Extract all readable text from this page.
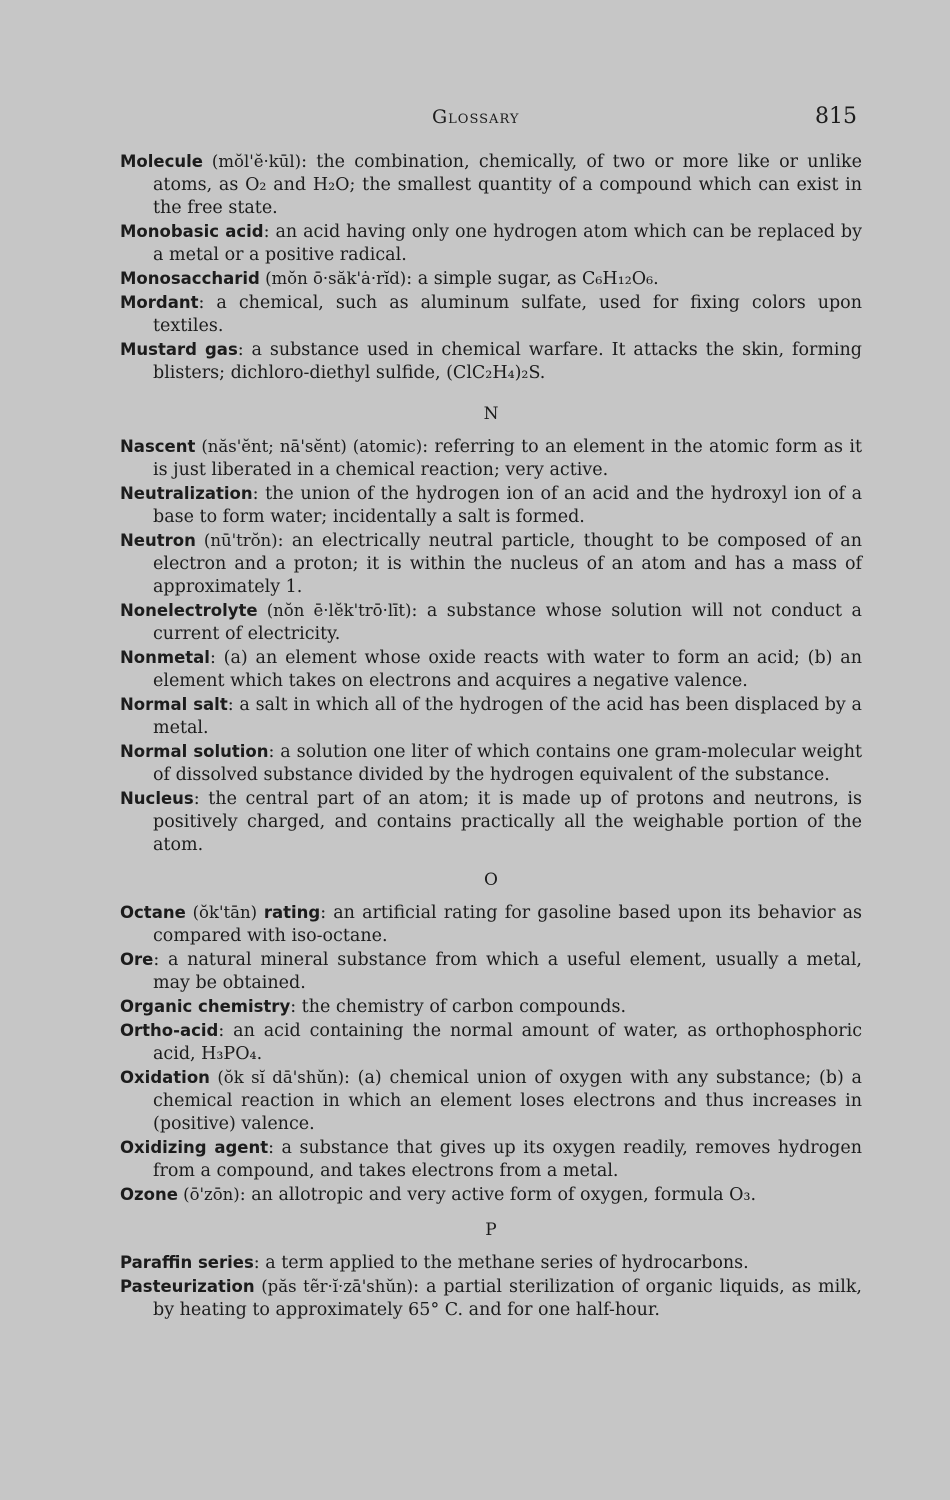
Glossary	815

Molecule (mŏl'ĕ·kūl): the combination, chemically, of two or more like or unlike atoms, as O₂ and H₂O; the smallest quantity of a compound which can exist in the free state.

Monobasic acid: an acid having only one hydrogen atom which can be replaced by a metal or a positive radical.

Monosaccharid (mŏn ō·săk'ȧ·rĭd): a simple sugar, as C₆H₁₂O₆.

Mordant: a chemical, such as aluminum sulfate, used for fixing colors upon textiles.

Mustard gas: a substance used in chemical warfare. It attacks the skin, forming blisters; dichloro-diethyl sulfide, (ClC₂H₄)₂S.

N

Nascent (năs'ĕnt; nā'sĕnt) (atomic): referring to an element in the atomic form as it is just liberated in a chemical reaction; very active.

Neutralization: the union of the hydrogen ion of an acid and the hydroxyl ion of a base to form water; incidentally a salt is formed.

Neutron (nū'trŏn): an electrically neutral particle, thought to be composed of an electron and a proton; it is within the nucleus of an atom and has a mass of approximately 1.

Nonelectrolyte (nŏn ē·lĕk'trō·līt): a substance whose solution will not conduct a current of electricity.

Nonmetal: (a) an element whose oxide reacts with water to form an acid; (b) an element which takes on electrons and acquires a negative valence.

Normal salt: a salt in which all of the hydrogen of the acid has been displaced by a metal.

Normal solution: a solution one liter of which contains one gram-molecular weight of dissolved substance divided by the hydrogen equivalent of the substance.

Nucleus: the central part of an atom; it is made up of protons and neutrons, is positively charged, and contains practically all the weighable portion of the atom.

O

Octane (ŏk'tān) rating: an artificial rating for gasoline based upon its behavior as compared with iso-octane.

Ore: a natural mineral substance from which a useful element, usually a metal, may be obtained.

Organic chemistry: the chemistry of carbon compounds.

Ortho-acid: an acid containing the normal amount of water, as orthophosphoric acid, H₃PO₄.

Oxidation (ŏk sĭ dā'shŭn): (a) chemical union of oxygen with any substance; (b) a chemical reaction in which an element loses electrons and thus increases in (positive) valence.

Oxidizing agent: a substance that gives up its oxygen readily, removes hydrogen from a compound, and takes electrons from a metal.

Ozone (ō'zōn): an allotropic and very active form of oxygen, formula O₃.

P

Paraffin series: a term applied to the methane series of hydrocarbons.

Pasteurization (păs tẽr·ĭ·zā'shŭn): a partial sterilization of organic liquids, as milk, by heating to approximately 65° C. and for one half-hour.
